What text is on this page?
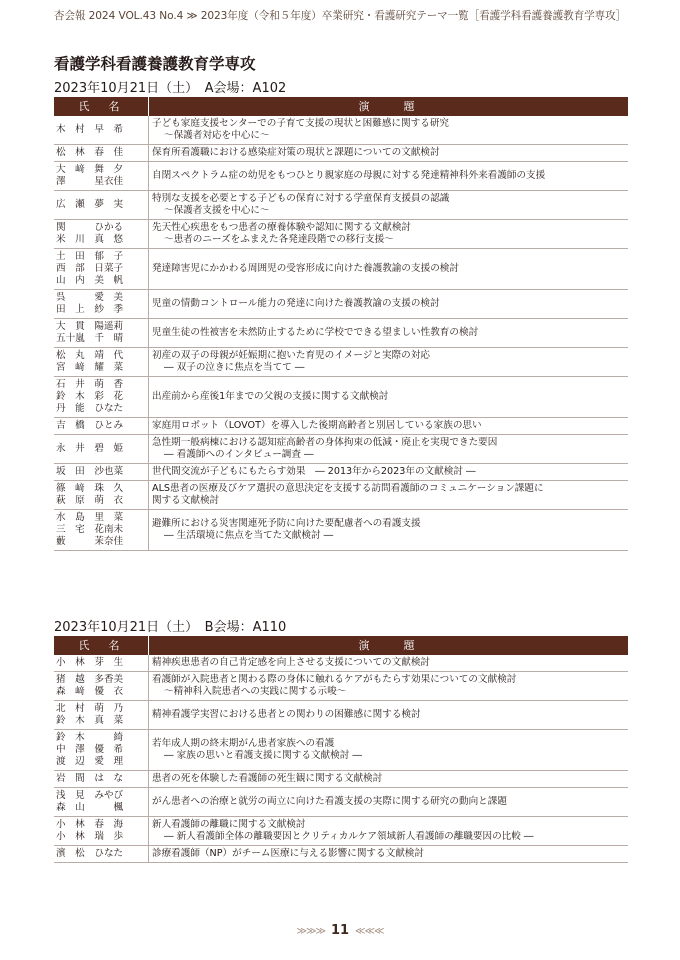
杏会報 2024 VOL.43 No.4 ≫ 2023年度（令和５年度）卒業研究・看護研究テーマ一覧［看護学科看護養護教育学専攻］
看護学科看護養護教育学専攻
2023年10月21日（土）　A会場：A102
氏　名	演　　題

木　村　早　希	子ども家庭支援センターでの子育て支援の現状と困難感に関する研究
～保護者対応を中心に～

松　林　春　佳	保育所看護職における感染症対策の現状と課題についての文献検討

大　﨑　舞　夕
澤　　　星衣佳	自閉スペクトラム症の幼児をもつひとり親家庭の母親に対する発達精神科外来看護師の支援

広　瀬　夢　実	特別な支援を必要とする子どもの保育に対する学童保育支援員の認識
～保護者支援を中心に～

関　　　ひかる
米　川　真　悠	先天性心疾患をもつ患者の療養体験や認知に関する文献検討
～患者のニーズをふまえた各発達段階での移行支援～

土　田　郁　子
西　部　日菜子
山　内　美　帆	発達障害児にかかわる周囲児の受容形成に向けた養護教諭の支援の検討

呉　　　愛　美
田　上　紗　季	児童の情動コントロール能力の発達に向けた養護教諭の支援の検討

大　貫　陽遥莉
五十嵐　千　晴	児童生徒の性被害を未然防止するために学校でできる望ましい性教育の検討

松　丸　靖　代
宮　﨑　耀　菜	初産の双子の母親が妊娠期に抱いた育児のイメージと実際の対応
― 双子の泣きに焦点を当てて ―

石　井　萌　香
鈴　木　彩　花
丹　能　ひなた	出産前から産後1年までの父親の支援に関する文献検討

吉　橋　ひとみ	家庭用ロボット（LOVOT）を導入した後期高齢者と別居している家族の思い

永　井　碧　姫	急性期一般病棟における認知症高齢者の身体拘束の低減・廃止を実現できた要因
― 看護師へのインタビュー調査 ―

坂　田　沙也菜	世代間交流が子どもにもたらす効果　― 2013年から2023年の文献検討 ―

篠　﨑　珠　久
萩　原　萌　衣	ALS患者の医療及びケア選択の意思決定を支援する訪問看護師のコミュニケーション課題に
関する文献検討

水　島　里　菜
三　宅　花南未
藪　　　茉奈佳	避難所における災害関連死予防に向けた要配慮者への看護支援
― 生活環境に焦点を当てた文献検討 ―
2023年10月21日（土）　B会場：A110
氏　名	演　　題

小　林　芽　生	精神疾患患者の自己肯定感を向上させる支援についての文献検討

猪　越　多香美
森　﨑　優　衣	看護師が入院患者と関わる際の身体に触れるケアがもたらす効果についての文献検討
～精神科入院患者への実践に関する示唆～

北　村　萌　乃
鈴　木　真　菜	精神看護学実習における患者との関わりの困難感に関する検討

鈴　木　　　綺
中　澤　優　希
渡　辺　愛　理	若年成人期の終末期がん患者家族への看護
― 家族の思いと看護支援に関する文献検討 ―

岩　間　は　な	患者の死を体験した看護師の死生観に関する文献検討

浅　見　みやび
森　山　　　楓	がん患者への治療と就労の両立に向けた看護支援の実際に関する研究の動向と課題

小　林　春　海
小　林　瑞　歩	新人看護師の離職に関する文献検討
― 新人看護師全体の離職要因とクリティカルケア領域新人看護師の離職要因の比較 ―

濱　松　ひなた	診療看護師（NP）がチーム医療に与える影響に関する文献検討
≫≫≫ 11 ≪≪≪
